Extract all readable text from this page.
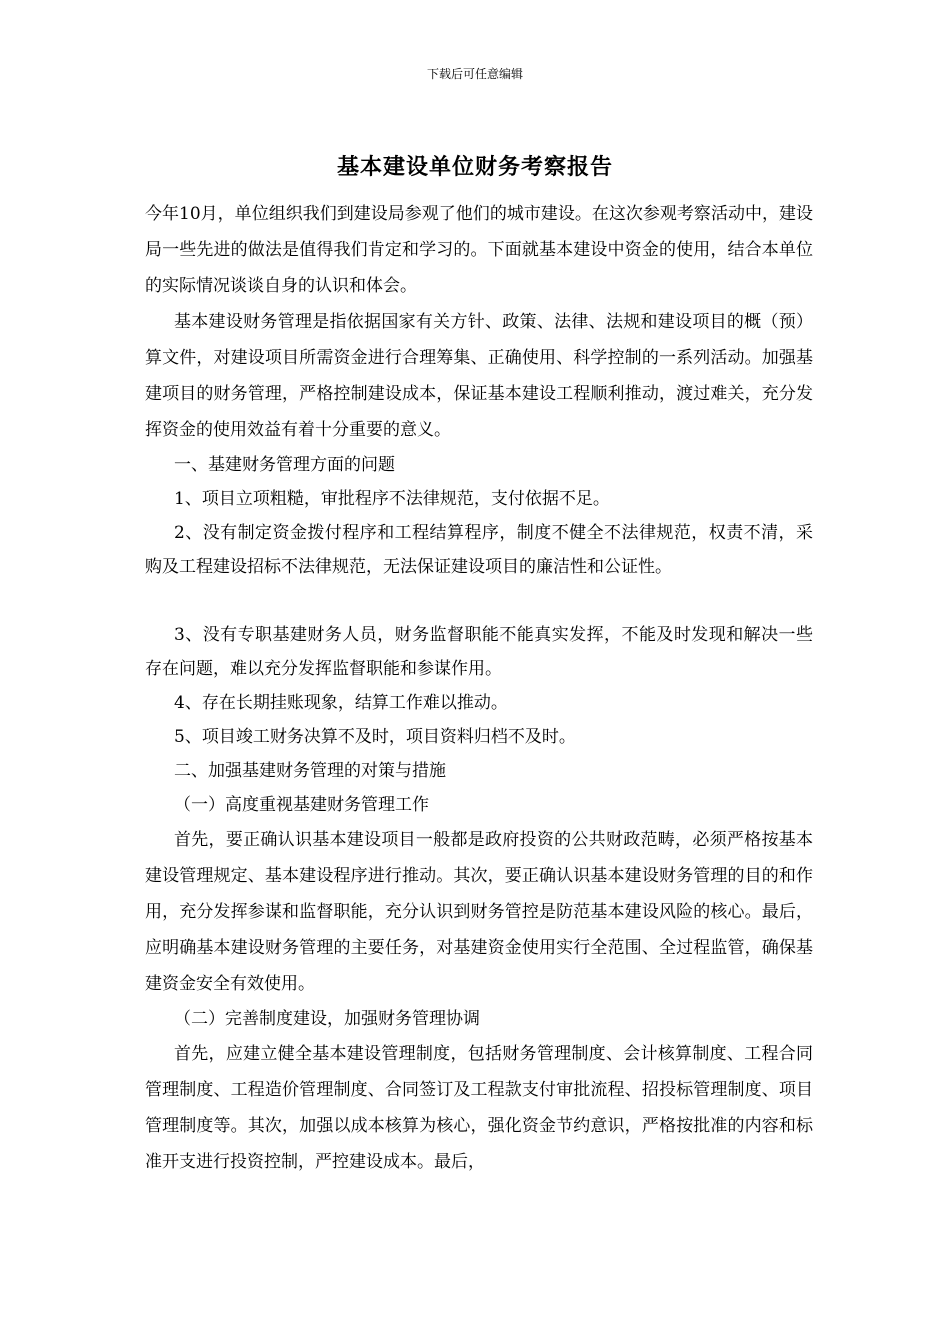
下载后可任意编辑
基本建设单位财务考察报告

今年10月，单位组织我们到建设局参观了他们的城市建设。在这次参观考察活动中，建设局一些先进的做法是值得我们肯定和学习的。下面就基本建设中资金的使用，结合本单位的实际情况谈谈自身的认识和体会。

基本建设财务管理是指依据国家有关方针、政策、法律、法规和建设项目的概（预）算文件，对建设项目所需资金进行合理筹集、正确使用、科学控制的一系列活动。加强基建项目的财务管理，严格控制建设成本，保证基本建设工程顺利推动，渡过难关，充分发挥资金的使用效益有着十分重要的意义。

一、基建财务管理方面的问题

1、项目立项粗糙，审批程序不法律规范，支付依据不足。

2、没有制定资金拨付程序和工程结算程序，制度不健全不法律规范，权责不清，采购及工程建设招标不法律规范，无法保证建设项目的廉洁性和公证性。

3、没有专职基建财务人员，财务监督职能不能真实发挥，不能及时发现和解决一些存在问题，难以充分发挥监督职能和参谋作用。

4、存在长期挂账现象，结算工作难以推动。

5、项目竣工财务决算不及时，项目资料归档不及时。

二、加强基建财务管理的对策与措施

（一）高度重视基建财务管理工作

首先，要正确认识基本建设项目一般都是政府投资的公共财政范畴，必须严格按基本建设管理规定、基本建设程序进行推动。其次，要正确认识基本建设财务管理的目的和作用，充分发挥参谋和监督职能，充分认识到财务管控是防范基本建设风险的核心。最后，应明确基本建设财务管理的主要任务，对基建资金使用实行全范围、全过程监管，确保基建资金安全有效使用。

（二）完善制度建设，加强财务管理协调

首先，应建立健全基本建设管理制度，包括财务管理制度、会计核算制度、工程合同管理制度、工程造价管理制度、合同签订及工程款支付审批流程、招投标管理制度、项目管理制度等。其次，加强以成本核算为核心，强化资金节约意识，严格按批准的内容和标准开支进行投资控制，严控建设成本。最后，
